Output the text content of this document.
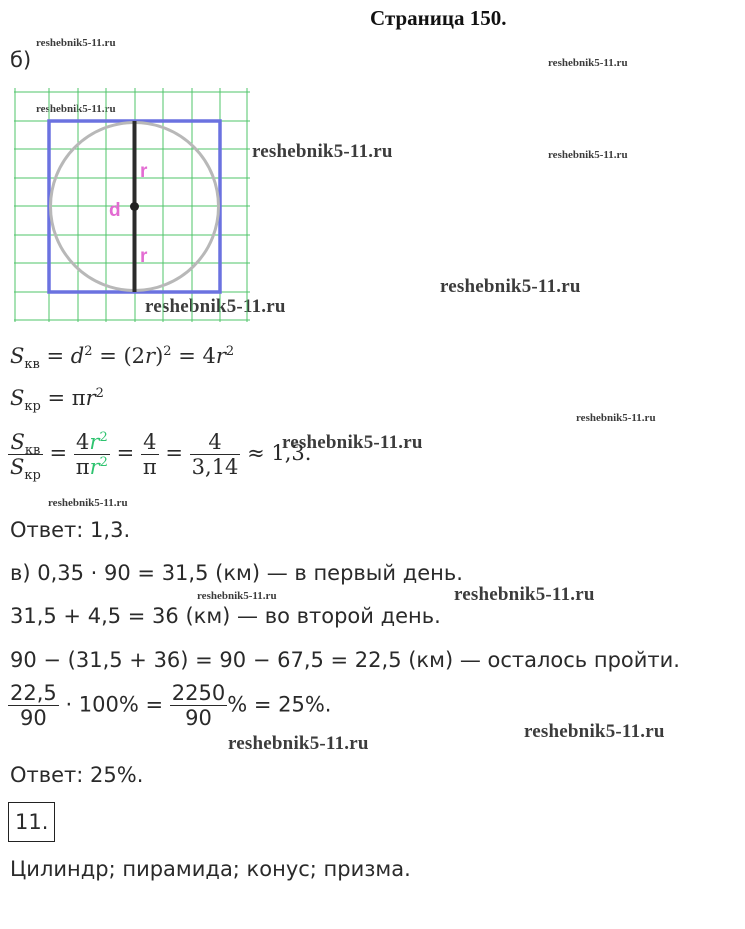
Страница 150.
б)
reshebnik5-11.ru
reshebnik5-11.ru
reshebnik5-11.ru
reshebnik5-11.ru	reshebnik5-11.ru
reshebnik5-11.ru
reshebnik5-11.ru
reshebnik5-11.ru
reshebnik5-11.ru
reshebnik5-11.ru
reshebnik5-11.ru	reshebnik5-11.ru
reshebnik5-11.ru
reshebnik5-11.ru
r
d
r
$S_{кв} = d^2 = (2r)^2 = 4r^2$
$S_{кр} = \pi r^2$
$\frac{S_{кв}}{S_{кр}} = \frac{4r^2}{\pi r^2} = \frac{4}{\pi} = \frac{4}{3,14} \approx 1,3$.
Ответ: 1,3.
в) 0,35 · 90 = 31,5 (км) — в первый день.
31,5 + 4,5 = 36 (км) — во второй день.
90 − (31,5 + 36) = 90 − 67,5 = 22,5 (км) — осталось пройти.
$\frac{22,5}{90} \cdot 100\% = \frac{2250}{90}$ % = 25%.
Ответ: 25%.
11.
Цилиндр; пирамида; конус; призма.
